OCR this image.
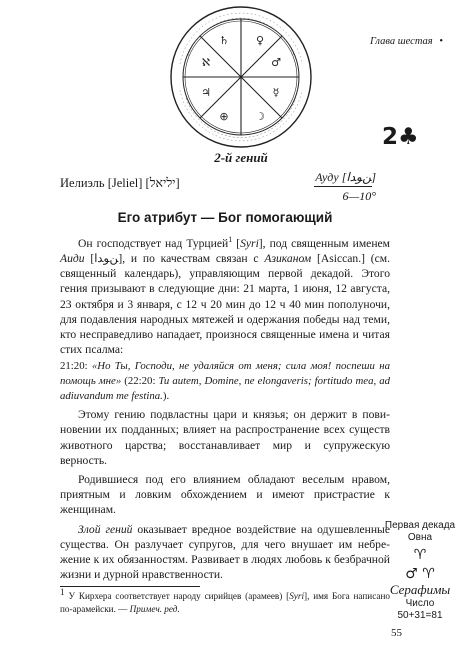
♄ ♀
ℵ	♂
♃	☿
⊕ ☽
2-й гений
Глава шестая •
2♣
Иелиэль [Jeliel] [יליאל]	Ayдy [ﻦﻮﺪﺍ]
6—10°
Его атрибут — Бог помогающий

Он господствует над Турцией$^1$ [Syri], под священным именем Аиди [ﻦﻮﺪﺍ], и по качествам связан с Азиканом [Asiccan.] (см. священный календарь), управляющим первой декадой. Этого гения призывают в следующие дни: 21 марта, 1 июня, 12 августа, 23 октября и 3 января, с 12 ч 20 мин до 12 ч 40 мин пополуночи, для подавления народных мятежей и одержания победы над теми, кто несправедливо нападает, произнося священные имена и читая стих псалма:

21:20: «Но Ты, Господи, не удаляйся от меня; сила моя! поспеши на помощь мне» (22:20: Tu autem, Domine, ne elongaveris; fortitudo mea, ad adiuvandum me festina.).

Этому гению подвластны цари и князья; он держит в повиновении их подданных; влияет на распространение всех существ животного царства; восстанавливает мир и супружескую верность.

Родившиеся под его влиянием обладают веселым нравом, приятным и ловким обхождением и имеют пристрастие к женщинам.

Злой гений оказывает вредное воздействие на одушевленные существа. Он разлучает супругов, для чего внушает им небрежение к их обязанностям. Развивает в людях любовь к безбрачной жизни и дурной нравственности.

1 У Кирхера соответствует народу сирийцев (арамеев) [Syri], имя Бога написано по-арамейски. — Примеч. ред.
Первая декада Овна
♈
♂ ♈
Серафимы
Число
50+31=81
55
